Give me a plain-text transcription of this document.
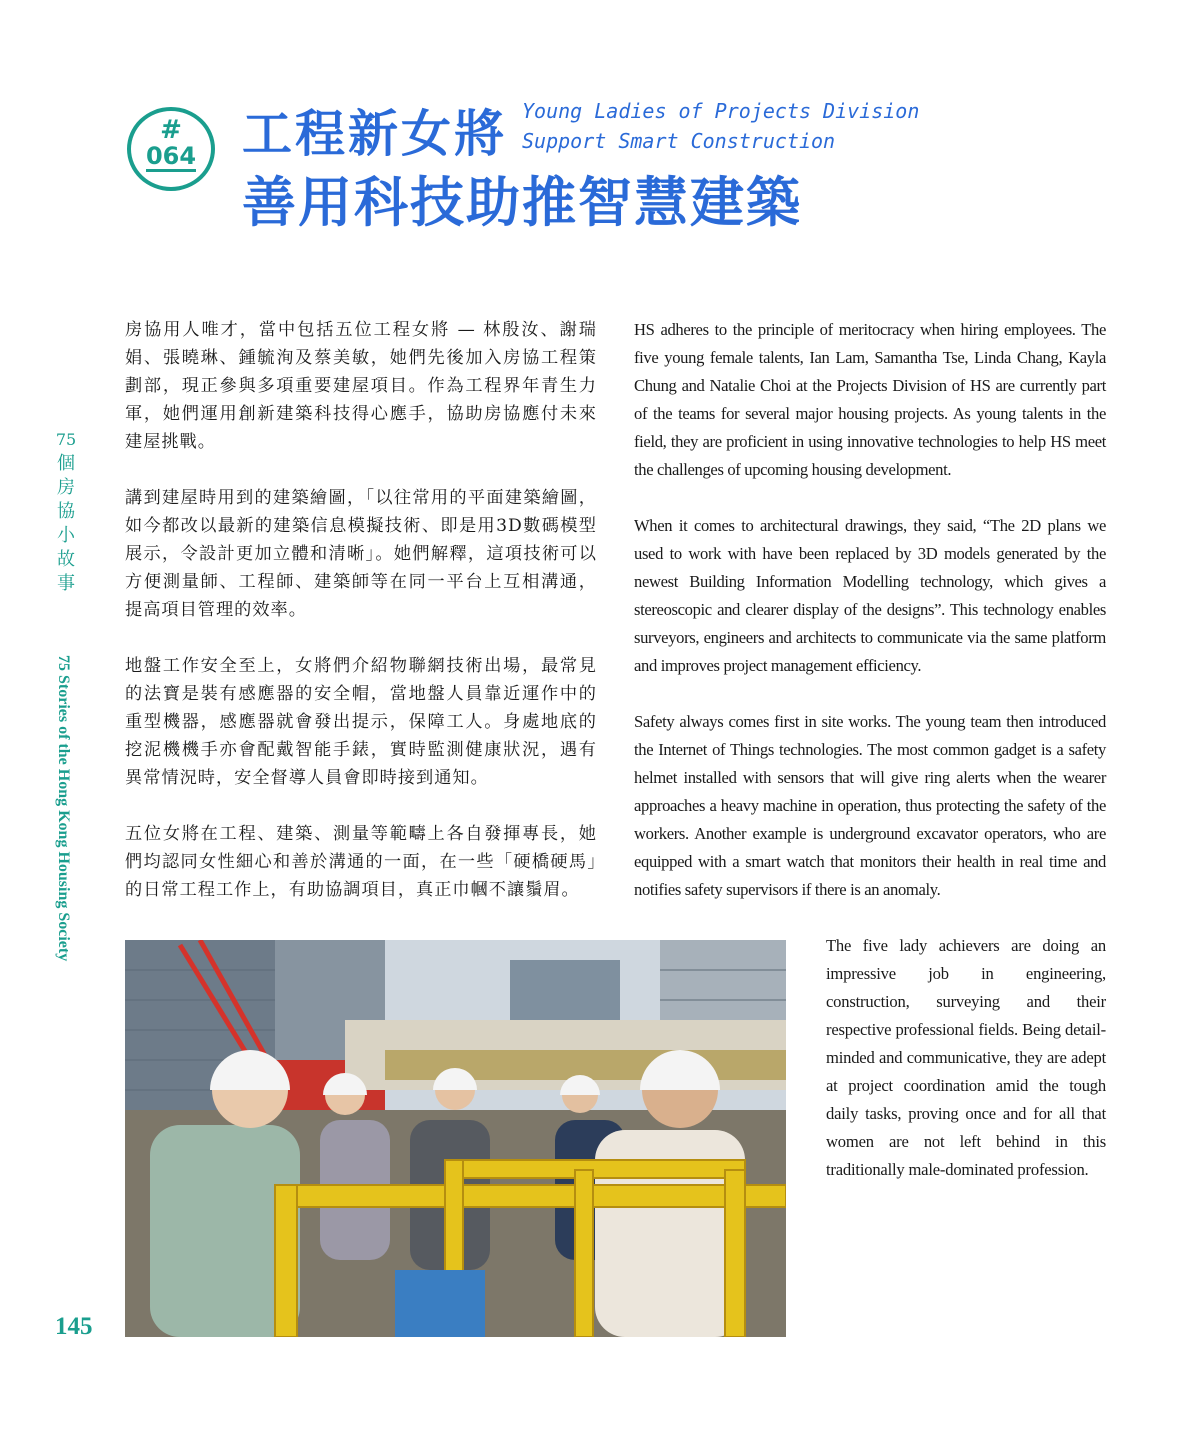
#
064 工程新女將
善用科技助推智慧建築
Young Ladies of Projects Division
Support Smart Construction
75
個
房
協
小
故
事
75 Stories of the Hong Kong Housing Society

房協用人唯才，當中包括五位工程女將 — 林殷汝、謝瑞娟、張曉琳、鍾毓洵及蔡美敏，她們先後加入房協工程策劃部，現正參與多項重要建屋項目。作為工程界年青生力軍，她們運用創新建築科技得心應手，協助房協應付未來建屋挑戰。

講到建屋時用到的建築繪圖，「以往常用的平面建築繪圖，如今都改以最新的建築信息模擬技術、即是用3D數碼模型展示，令設計更加立體和清晰」。她們解釋，這項技術可以方便測量師、工程師、建築師等在同一平台上互相溝通，提高項目管理的效率。

地盤工作安全至上，女將們介紹物聯網技術出場，最常見的法寶是裝有感應器的安全帽，當地盤人員靠近運作中的重型機器，感應器就會發出提示，保障工人。身處地底的挖泥機機手亦會配戴智能手錶，實時監測健康狀況，遇有異常情況時，安全督導人員會即時接到通知。

五位女將在工程、建築、測量等範疇上各自發揮專長，她們均認同女性細心和善於溝通的一面，在一些「硬橋硬馬」的日常工程工作上，有助協調項目，真正巾幗不讓鬚眉。

HS adheres to the principle of meritocracy when hiring employees. The five young female talents, Ian Lam, Samantha Tse, Linda Chang, Kayla Chung and Natalie Choi at the Projects Division of HS are currently part of the teams for several major housing projects. As young talents in the field, they are proficient in using innovative technologies to help HS meet the challenges of upcoming housing development.

When it comes to architectural drawings, they said, “The 2D plans we used to work with have been replaced by 3D models generated by the newest Building Information Modelling technology, which gives a stereoscopic and clearer display of the designs”. This technology enables surveyors, engineers and architects to communicate via the same platform and improves project management efficiency.

Safety always comes first in site works. The young team then introduced the Internet of Things technologies. The most common gadget is a safety helmet installed with sensors that will give ring alerts when the wearer approaches a heavy machine in operation, thus protecting the safety of the workers. Another example is underground excavator operators, who are equipped with a smart watch that monitors their health in real time and notifies safety supervisors if there is an anomaly.

The five lady achievers are doing an impressive job in engineering, construction, surveying and their respective professional fields. Being detail-minded and communicative, they are adept at project coordination amid the tough daily tasks, proving once and for all that women are not left behind in this traditionally male-dominated profession.

145
